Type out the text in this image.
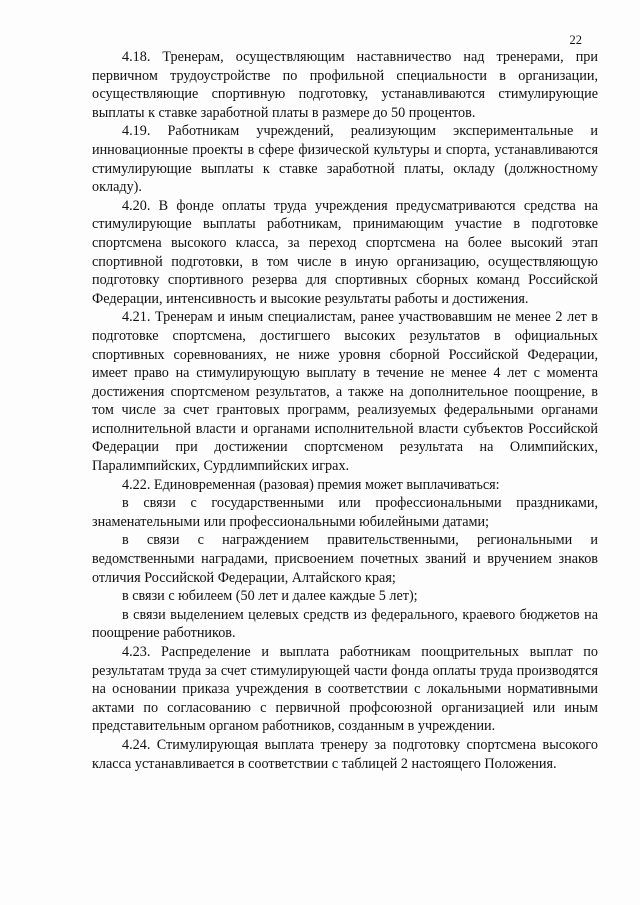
22

4.18. Тренерам, осуществляющим наставничество над тренерами, при первичном трудоустройстве по профильной специальности в организации, осуществляющие спортивную подготовку, устанавливаются стимулирующие выплаты к ставке заработной платы в размере до 50 процентов.

4.19. Работникам учреждений, реализующим экспериментальные и инновационные проекты в сфере физической культуры и спорта, устанавливаются стимулирующие выплаты к ставке заработной платы, окладу (должностному окладу).

4.20. В фонде оплаты труда учреждения предусматриваются средства на стимулирующие выплаты работникам, принимающим участие в подготовке спортсмена высокого класса, за переход спортсмена на более высокий этап спортивной подготовки, в том числе в иную организацию, осуществляющую подготовку спортивного резерва для спортивных сборных команд Российской Федерации, интенсивность и высокие результаты работы и достижения.

4.21. Тренерам и иным специалистам, ранее участвовавшим не менее 2 лет в подготовке спортсмена, достигшего высоких результатов в официальных спортивных соревнованиях, не ниже уровня сборной Российской Федерации, имеет право на стимулирующую выплату в течение не менее 4 лет с момента достижения спортсменом результатов, а также на дополнительное поощрение, в том числе за счет грантовых программ, реализуемых федеральными органами исполнительной власти и органами исполнительной власти субъектов Российской Федерации при достижении спортсменом результата на Олимпийских, Паралимпийских, Сурдлимпийских играх.

4.22. Единовременная (разовая) премия может выплачиваться:

в связи с государственными или профессиональными праздниками, знаменательными или профессиональными юбилейными датами;

в связи с награждением правительственными, региональными и ведомственными наградами, присвоением почетных званий и вручением знаков отличия Российской Федерации, Алтайского края;

в связи с юбилеем (50 лет и далее каждые 5 лет);

в связи выделением целевых средств из федерального, краевого бюджетов на поощрение работников.

4.23. Распределение и выплата работникам поощрительных выплат по результатам труда за счет стимулирующей части фонда оплаты труда производятся на основании приказа учреждения в соответствии с локальными нормативными актами по согласованию с первичной профсоюзной организацией или иным представительным органом работников, созданным в учреждении.

4.24. Стимулирующая выплата тренеру за подготовку спортсмена высокого класса устанавливается в соответствии с таблицей 2 настоящего Положения.
